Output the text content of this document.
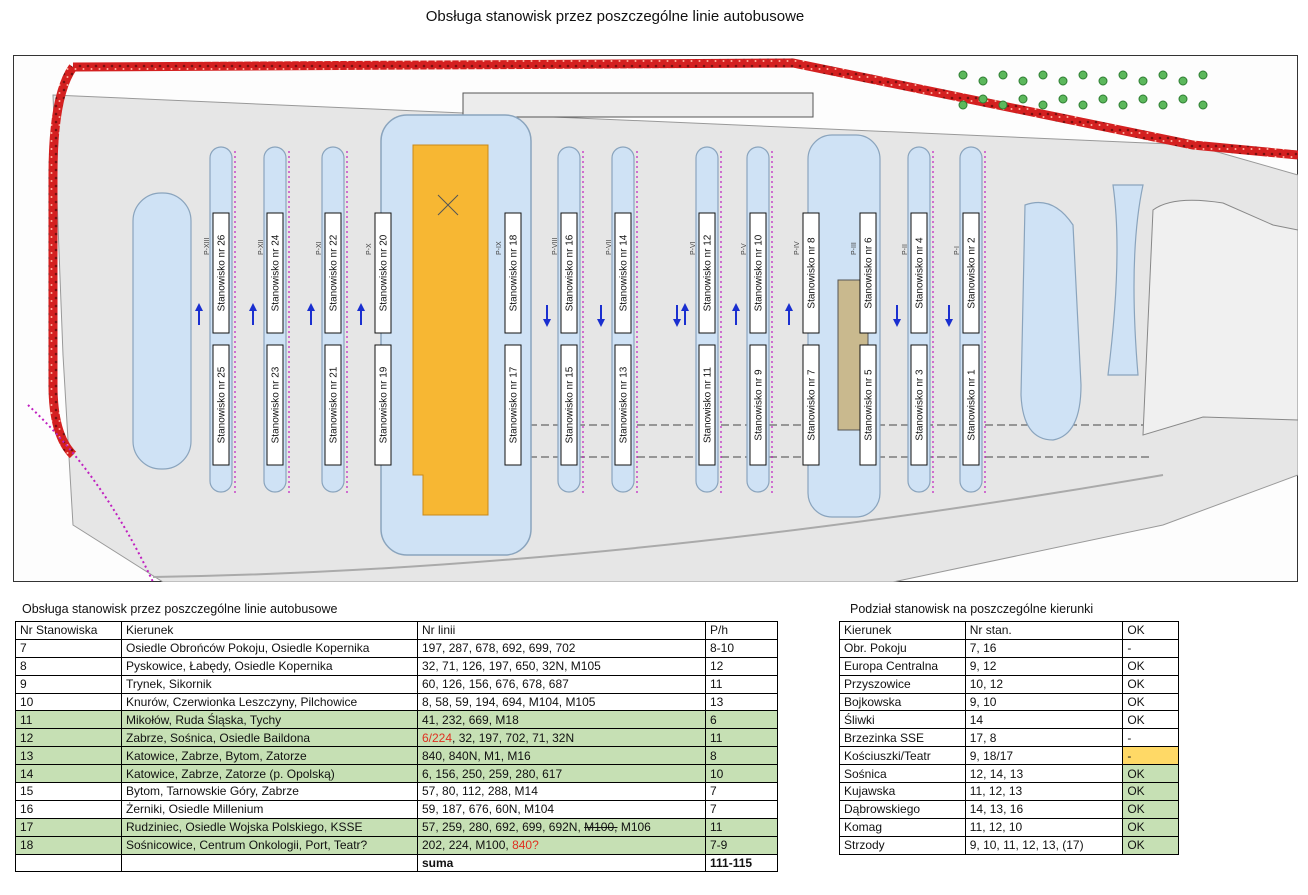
Obsługa stanowisk przez poszczególne linie autobusowe
P-XIII	P-XII	P-XI	P-X	P-IX	P-VIII	P-VII	P-VI	P-V	P-IV	P-III	P-II	P-I
Stanowisko nr 26	Stanowisko nr 24	Stanowisko nr 22	Stanowisko nr 20	Stanowisko nr 18	Stanowisko nr 16	Stanowisko nr 14	Stanowisko nr 12	Stanowisko nr 10	Stanowisko nr 8	Stanowisko nr 6	Stanowisko nr 4	Stanowisko nr 2
Stanowisko nr 25	Stanowisko nr 23	Stanowisko nr 21	Stanowisko nr 19	Stanowisko nr 17	Stanowisko nr 15	Stanowisko nr 13	Stanowisko nr 11	Stanowisko nr 9	Stanowisko nr 7	Stanowisko nr 5	Stanowisko nr 3	Stanowisko nr 1
Obsługa stanowisk przez poszczególne linie autobusowe
Nr Stanowiska	Kierunek	Nr linii	P/h
7	Osiedle Obrońców Pokoju, Osiedle Kopernika	197, 287, 678, 692, 699, 702	8-10
8	Pyskowice, Łabędy, Osiedle Kopernika	32, 71, 126, 197, 650, 32N, M105	12
9	Trynek, Sikornik	60, 126, 156, 676, 678, 687	11
10	Knurów, Czerwionka Leszczyny, Pilchowice	8, 58, 59, 194, 694, M104, M105	13
11	Mikołów, Ruda Śląska, Tychy	41, 232, 669, M18	6
12	Zabrze, Sośnica, Osiedle Baildona	6/224, 32, 197, 702, 71, 32N	11
13	Katowice, Zabrze, Bytom, Zatorze	840, 840N, M1, M16	8
14	Katowice, Zabrze, Zatorze (p. Opolską)	6, 156, 250, 259, 280, 617	10
15	Bytom, Tarnowskie Góry, Zabrze	57, 80, 112, 288, M14	7
16	Żerniki, Osiedle Millenium	59, 187, 676, 60N, M104	7
17	Rudziniec, Osiedle Wojska Polskiego, KSSE	57, 259, 280, 692, 699, 692N, M100, M106	11
18	Sośnicowice, Centrum Onkologii, Port, Teatr?	202, 224, M100, 840?	7-9
		suma	111-115
Podział stanowisk na poszczególne kierunki
Kierunek	Nr stan.	OK
Obr. Pokoju	7, 16	-
Europa Centralna	9, 12	OK
Przyszowice	10, 12	OK
Bojkowska	9, 10	OK
Śliwki	14	OK
Brzezinka SSE	17, 8	-
Kościuszki/Teatr	9, 18/17	-
Sośnica	12, 14, 13	OK
Kujawska	11, 12, 13	OK
Dąbrowskiego	14, 13, 16	OK
Komag	11, 12, 10	OK
Strzody	9, 10, 11, 12, 13, (17)	OK
